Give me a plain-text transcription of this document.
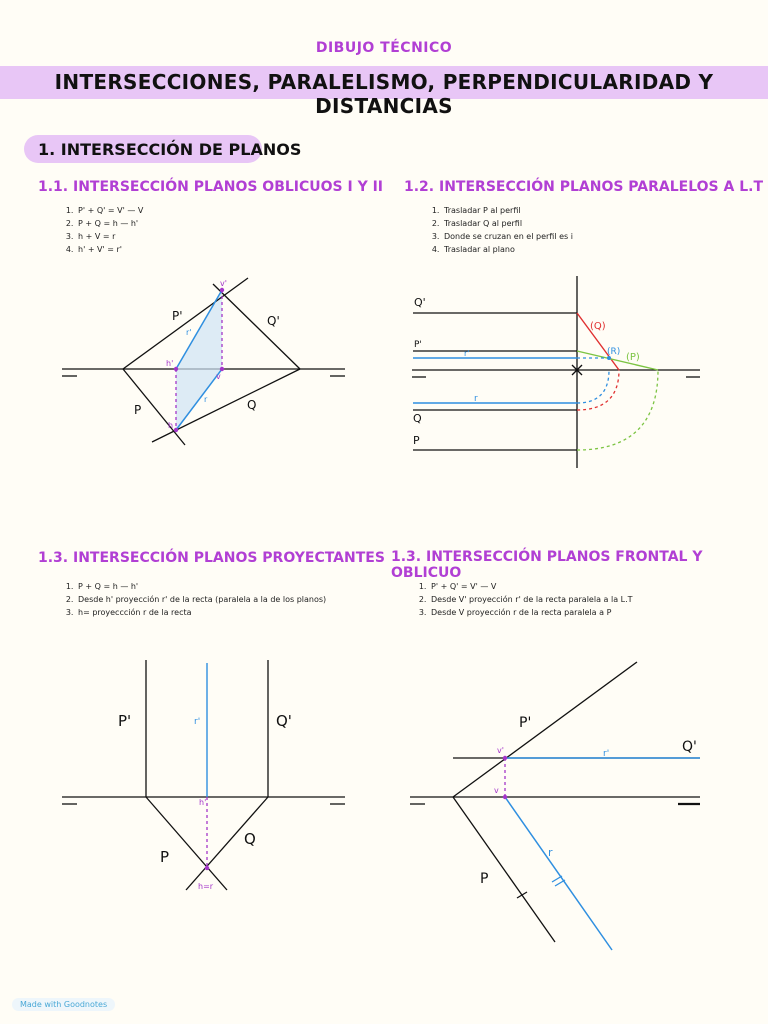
DIBUJO TÉCNICO
INTERSECCIONES, PARALELISMO, PERPENDICULARIDAD Y DISTANCIAS
1. INTERSECCIÓN DE PLANOS
1.1. INTERSECCIÓN PLANOS OBLICUOS I Y II 1.2. INTERSECCIÓN PLANOS PARALELOS A L.T
1.3. INTERSECCIÓN PLANOS PROYECTANTES 1.3. INTERSECCIÓN PLANOS FRONTAL Y OBLICUO
1. P' + Q' = V' — V
2. P + Q = h — h'
3. h + V = r
4. h' + V' = r'
1. Trasladar P al perfil
2. Trasladar Q al perfil
3. Donde se cruzan en el perfil es i
4. Trasladar al plano
1. P + Q = h — h'
2. Desde h' proyección r' de la recta (paralela a la de los planos)
3. h= proyeccción r de la recta
1. P' + Q' = V' — V
2. Desde V' proyección r' de la recta paralela a la L.T
3. Desde V proyección r de la recta paralela a P
P'	Q'
P	Q
v'
r'
h'
v
r
h
Q'
P'
r'
r
Q
P
(Q)
(R) (P)
P'	Q'
r'
h'
P
Q
h=r
P'
Q'
v'	r'
v
r
P
Made with Goodnotes
